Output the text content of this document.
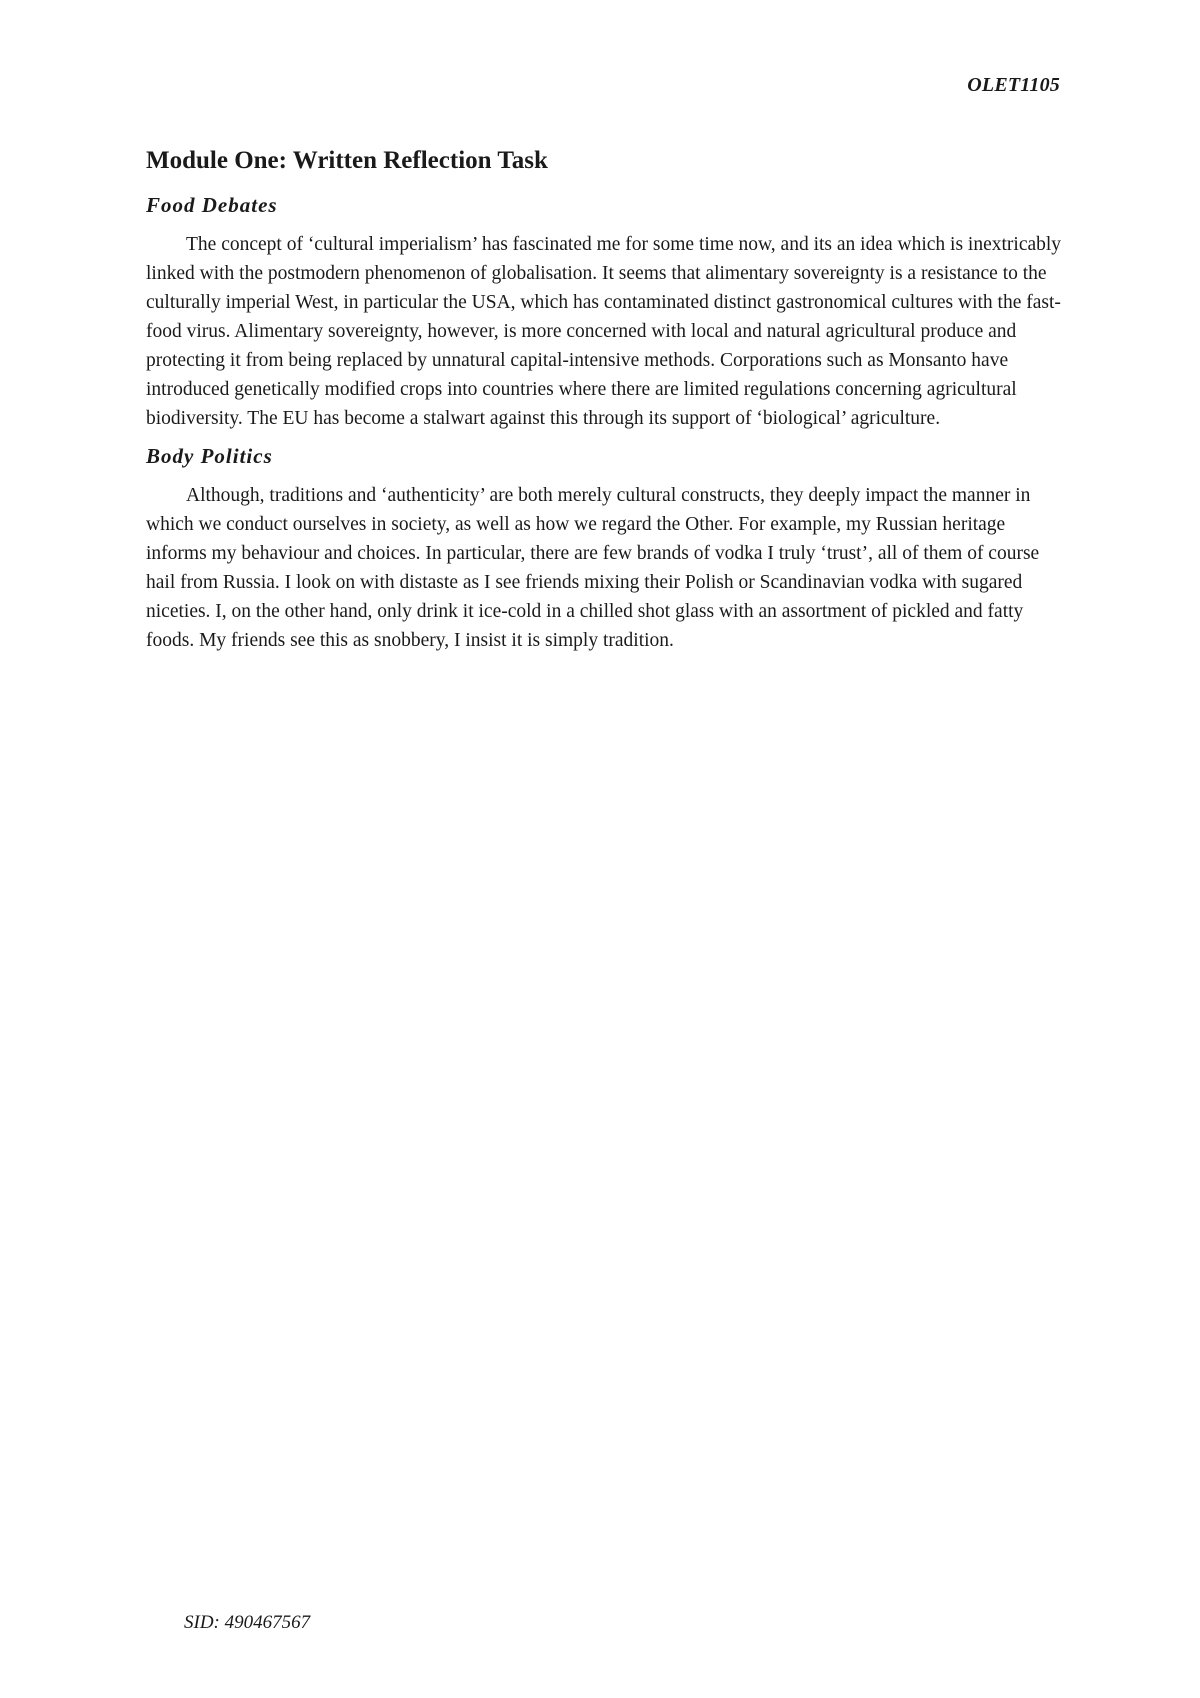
OLET1105
Module One: Written Reflection Task
Food Debates

The concept of ‘cultural imperialism’ has fascinated me for some time now, and its an idea which is inextricably linked with the postmodern phenomenon of globalisation. It seems that alimentary sovereignty is a resistance to the culturally imperial West, in particular the USA, which has contaminated distinct gastronomical cultures with the fast-food virus. Alimentary sovereignty, however, is more concerned with local and natural agricultural produce and protecting it from being replaced by unnatural capital-intensive methods. Corporations such as Monsanto have introduced genetically modified crops into countries where there are limited regulations concerning agricultural biodiversity. The EU has become a stalwart against this through its support of ‘biological’ agriculture.

Body Politics

Although, traditions and ‘authenticity’ are both merely cultural constructs, they deeply impact the manner in which we conduct ourselves in society, as well as how we regard the Other. For example, my Russian heritage informs my behaviour and choices. In particular, there are few brands of vodka I truly ‘trust’, all of them of course hail from Russia. I look on with distaste as I see friends mixing their Polish or Scandinavian vodka with sugared niceties. I, on the other hand, only drink it ice-cold in a chilled shot glass with an assortment of pickled and fatty foods. My friends see this as snobbery, I insist it is simply tradition.

SID: 490467567
